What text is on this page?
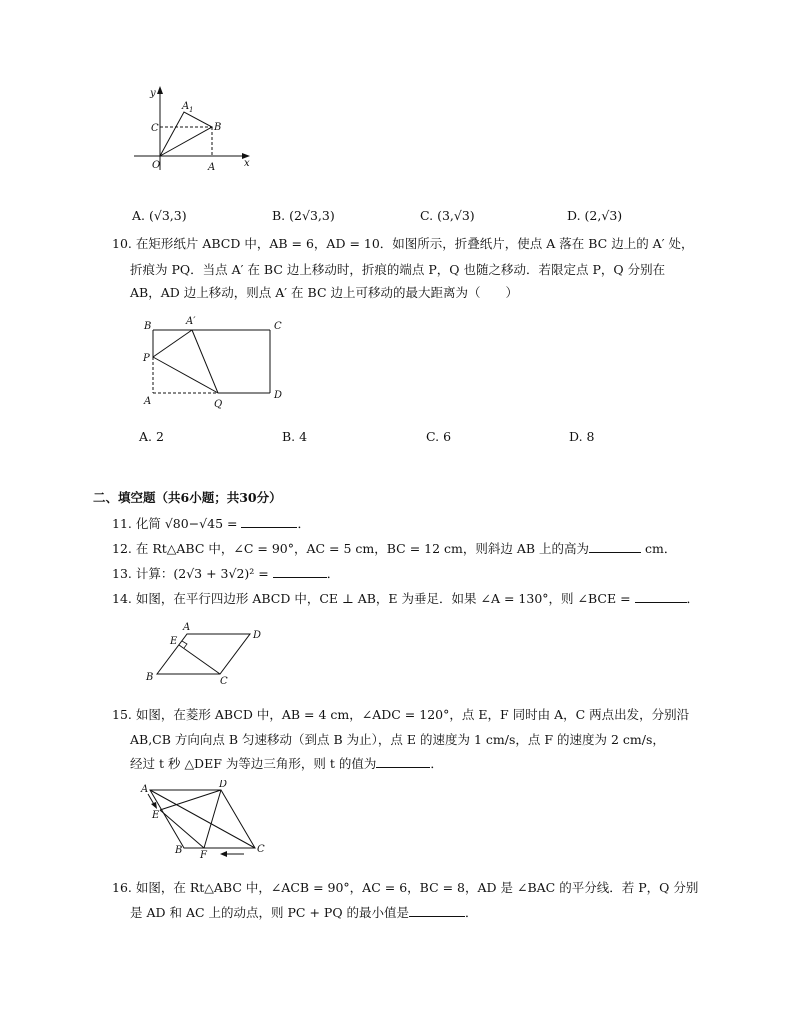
y
A 1
C	B
O	A	x
A. (√3,3)	B. (2√3,3)	C. (3,√3)	D. (2,√3)
10. 在矩形纸片 ABCD 中，AB = 6，AD = 10．如图所示，折叠纸片，使点 A 落在 BC 边上的 A′ 处，
折痕为 PQ．当点 A′ 在 BC 边上移动时，折痕的端点 P，Q 也随之移动．若限定点 P，Q 分别在
AB，AD 边上移动，则点 A′ 在 BC 边上可移动的最大距离为（　　）
B	A′	C
P
D
A	Q
A. 2	B. 4	C. 6	D. 8
二、填空题（共6小题；共30分）
11. 化简 √80−√45 =	．
12. 在 Rt△ABC 中，∠C = 90°，AC = 5 cm，BC = 12 cm，则斜边 AB 上的高为	cm．
13. 计算：(2√3 + 3√2)² =	．
14. 如图，在平行四边形 ABCD 中，CE ⊥ AB，E 为垂足．如果 ∠A = 130°，则 ∠BCE =	．
A
E
D
B	C
15. 如图，在菱形 ABCD 中，AB = 4 cm，∠ADC = 120°，点 E，F 同时由 A，C 两点出发，分别沿
AB,CB 方向向点 B 匀速移动（到点 B 为止），点 E 的速度为 1 cm/s，点 F 的速度为 2 cm/s，
经过 t 秒 △DEF 为等边三角形，则 t 的值为	．
A	D
E
B F
C
16. 如图，在 Rt△ABC 中，∠ACB = 90°，AC = 6，BC = 8，AD 是 ∠BAC 的平分线．若 P，Q 分别
是 AD 和 AC 上的动点，则 PC + PQ 的最小值是	．
